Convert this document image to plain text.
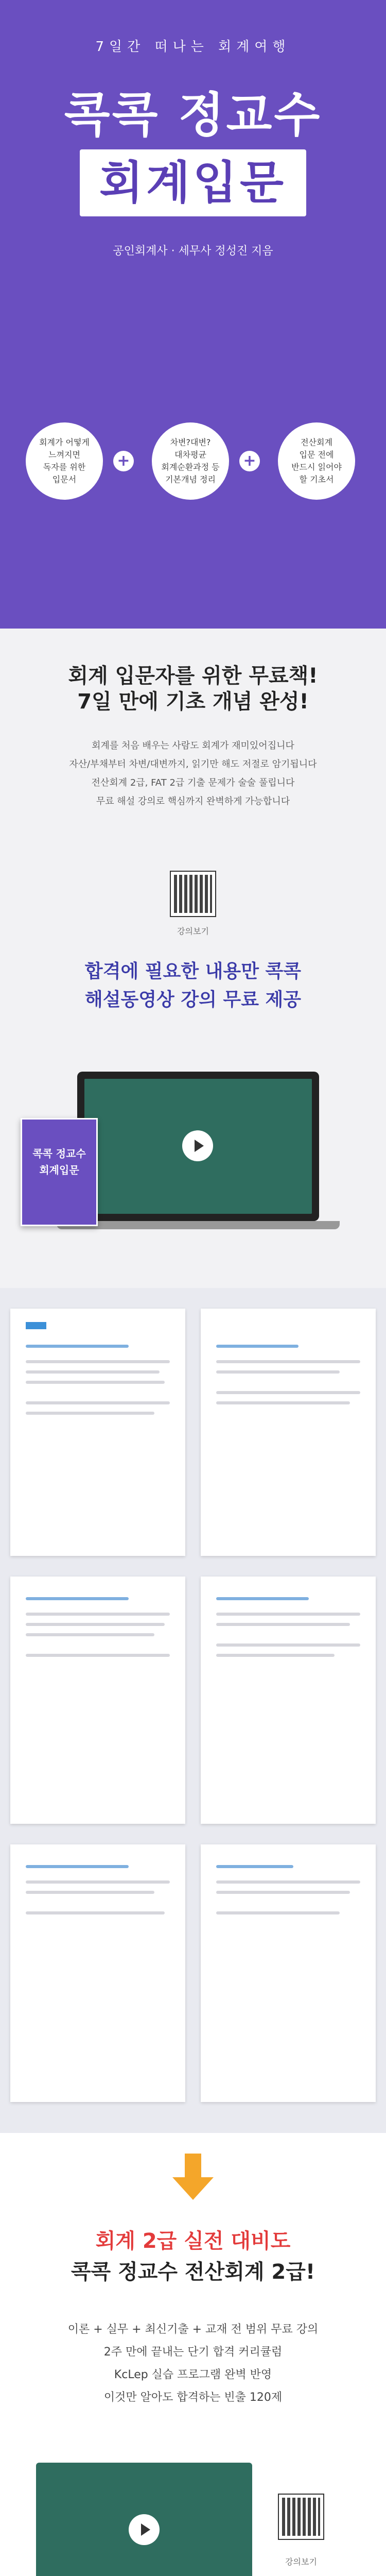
7일간 떠나는 회계여행
콕콕 정교수
회계입문
공인회계사 · 세무사 정성진 지음
회계가 어떻게
느껴지면
독자를 위한
입문서
+
차변?대변?
대차평균
회계순환과정 등
기본개념 정리
+
전산회계
입문 전에
반드시 읽어야
할 기초서
회계 입문자를 위한 무료책!
7일 만에 기초 개념 완성!

회계를 처음 배우는 사람도 회계가 재미있어집니다

자산/부채부터 차변/대변까지, 읽기만 해도 저절로 암기됩니다

전산회계 2급, FAT 2급 기출 문제가 술술 풀립니다

무료 해설 강의로 핵심까지 완벽하게 가능합니다

강의보기
합격에 필요한 내용만 콕콕
해설동영상 강의 무료 제공
콕콕 정교수
회계입문
회계 2급 실전 대비도
콕콕 정교수 전산회계 2급!

이론 + 실무 + 최신기출 + 교재 전 범위 무료 강의

2주 만에 끝내는 단기 합격 커리큘럼

KcLep 실습 프로그램 완벽 반영

이것만 알아도 합격하는 빈출 120제

강의보기
